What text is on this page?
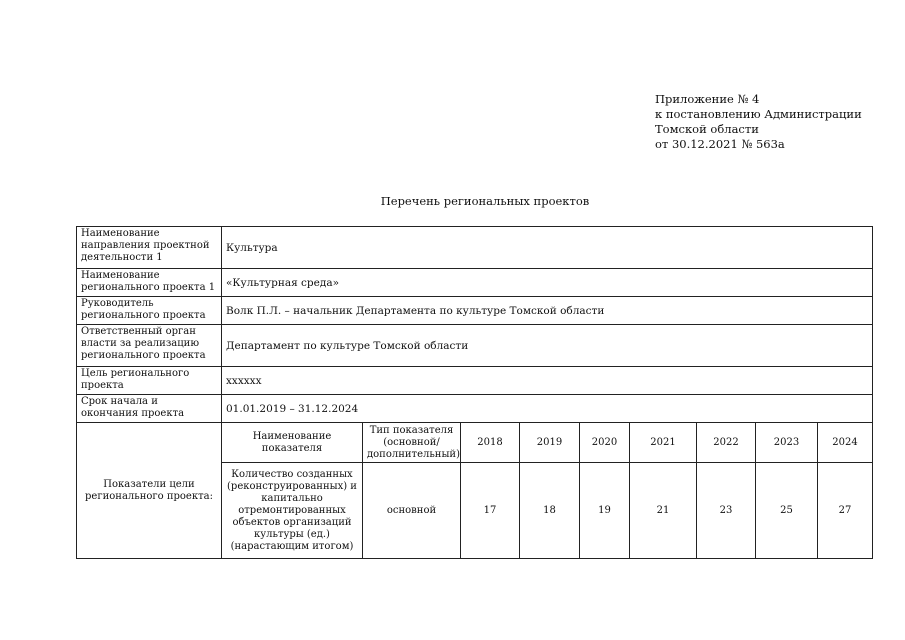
Приложение № 4
к постановлению Администрации
Томской области
от 30.12.2021 № 563а
Перечень региональных проектов
Наименование направления проектной деятельности 1	Культура								
Наименование регионального проекта 1	«Культурная среда»								
Руководитель регионального проекта	Волк П.Л. – начальник Департамента по культуре Томской области								
Ответственный орган власти за реализацию регионального проекта	Департамент по культуре Томской области								
Цель регионального проекта	хххххх								
Срок начала и окончания проекта	01.01.2019 – 31.12.2024								
Показатели цели регионального проекта:	Наименование показателя	Тип показателя (основной/ дополнительный)	2018	2019	2020	2021	2022	2023	2024
	Количество созданных (реконструированных) и капитально отремонтированных объектов организаций культуры (ед.) (нарастающим итогом)	основной	17	18	19	21	23	25	27
